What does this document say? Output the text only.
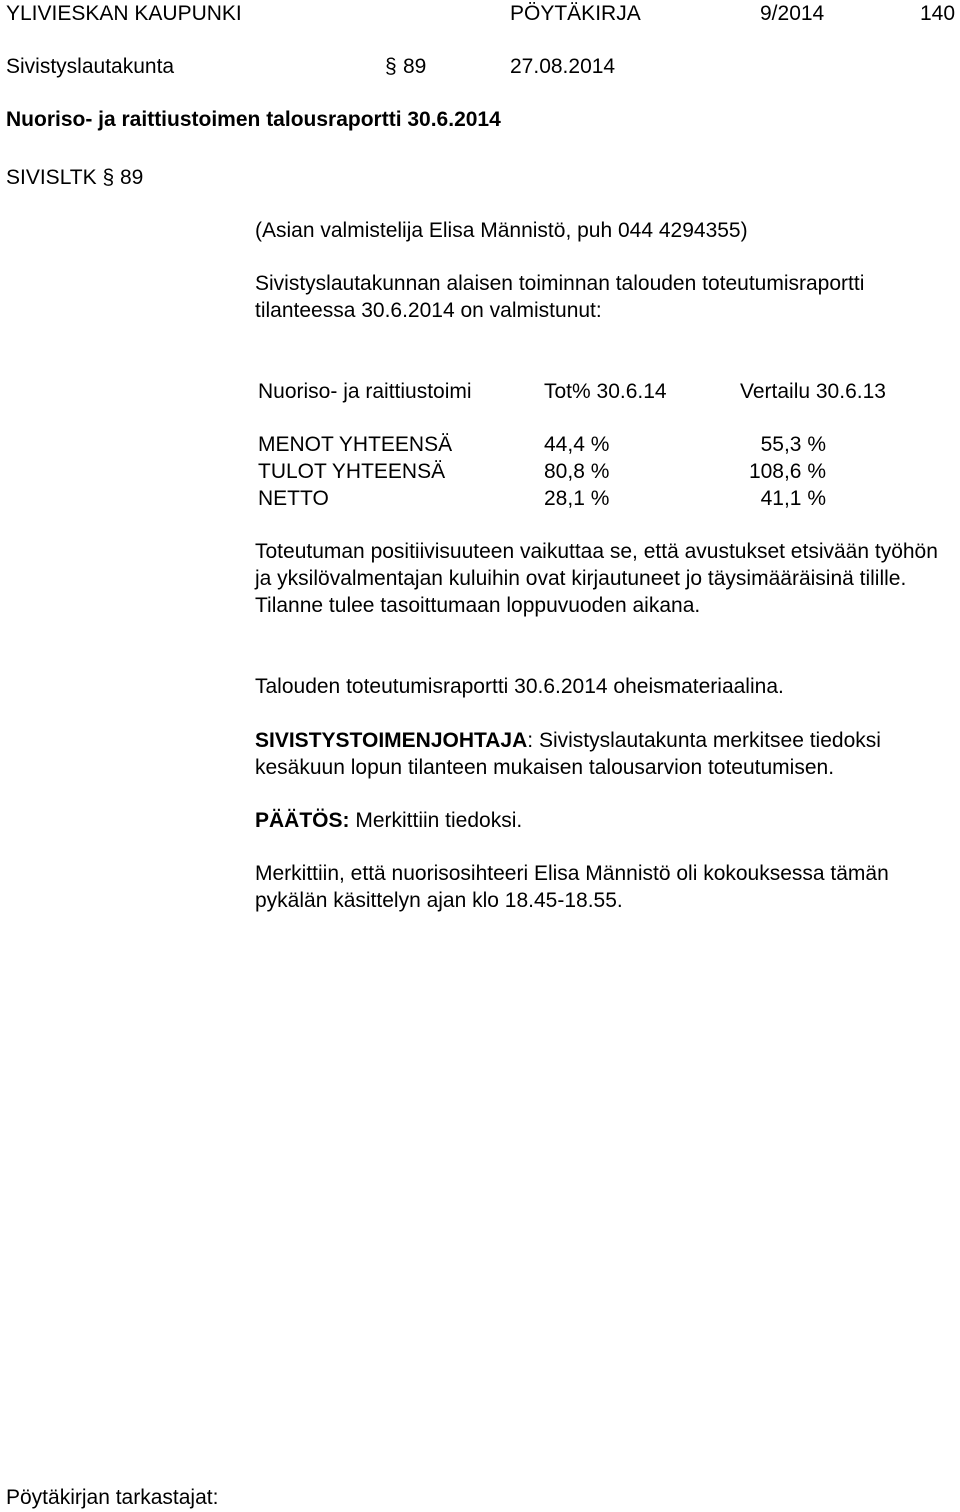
YLIVIESKAN KAUPUNKI	PÖYTÄKIRJA	9/2014	140
Sivistyslautakunta	§ 89	27.08.2014
Nuoriso- ja raittiustoimen talousraportti 30.6.2014
SIVISLTK § 89
(Asian valmistelija Elisa Männistö, puh 044 4294355)

Sivistyslautakunnan alaisen toiminnan talouden toteutumisraportti tilanteessa 30.6.2014 on valmistunut:

Nuoriso- ja raittiustoimi	Tot% 30.6.14	Vertailu 30.6.13
MENOT YHTEENSÄ	44,4 %	55,3 %
TULOT YHTEENSÄ	80,8 %	108,6 %
NETTO	28,1 %	41,1 %

Toteutuman positiivisuuteen vaikuttaa se, että avustukset etsivään työhön ja yksilövalmentajan kuluihin ovat kirjautuneet jo täysimääräisinä tilille. Tilanne tulee tasoittumaan loppuvuoden aikana.

Talouden toteutumisraportti 30.6.2014 oheismateriaalina.

SIVISTYSTOIMENJOHTAJA: Sivistyslautakunta merkitsee tiedoksi kesäkuun lopun tilanteen mukaisen talousarvion toteutumisen.

PÄÄTÖS: Merkittiin tiedoksi.

Merkittiin, että nuorisosihteeri Elisa Männistö oli kokouksessa tämän pykälän käsittelyn ajan klo 18.45-18.55.

Pöytäkirjan tarkastajat:
